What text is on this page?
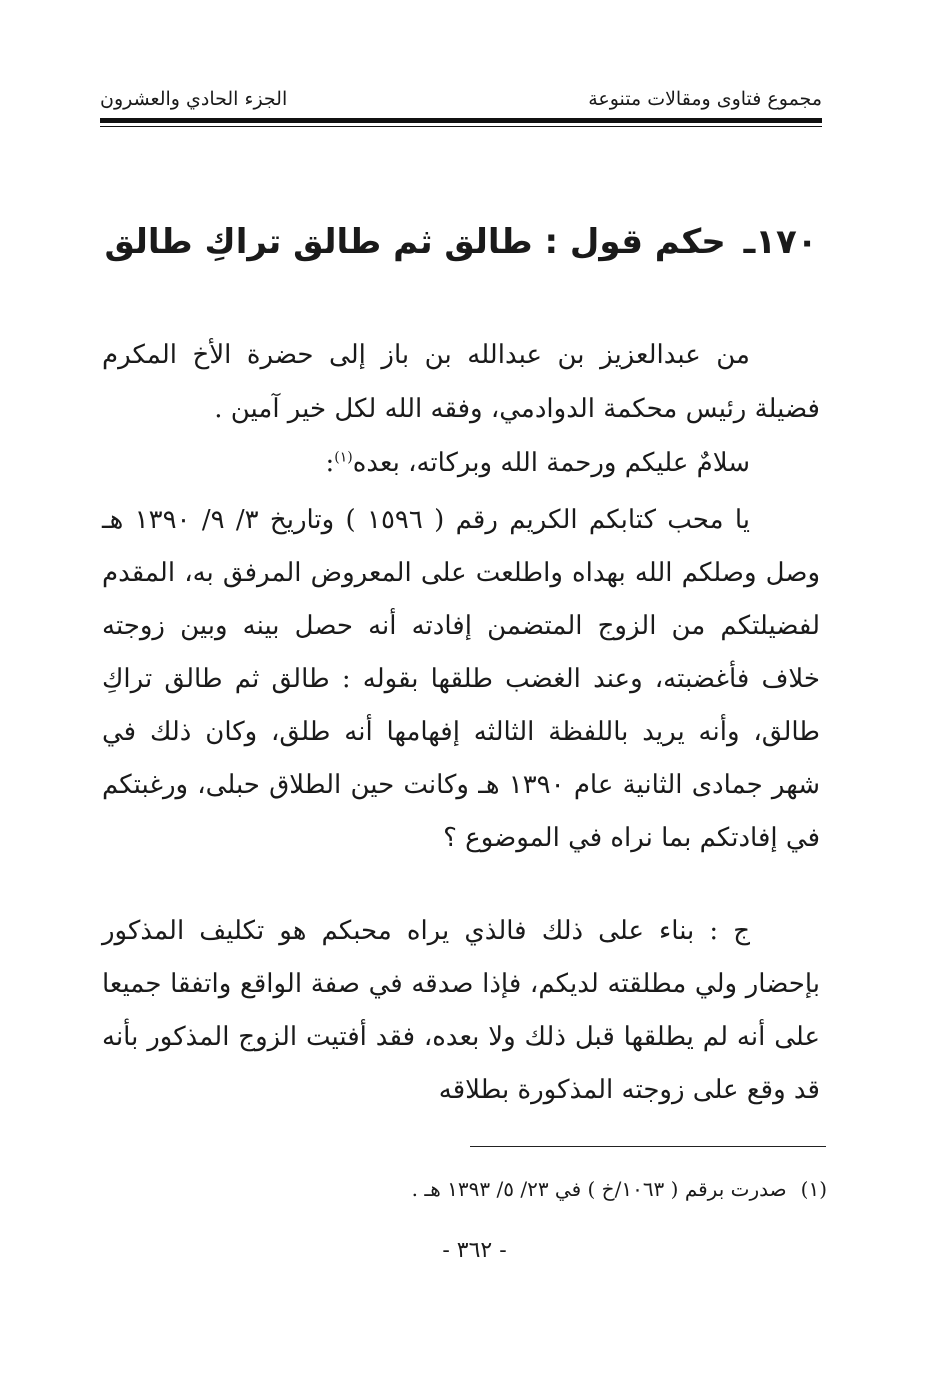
مجموع فتاوى ومقالات متنوعة
الجزء الحادي والعشرون
١٧٠ـ حكم قول : طالق ثم طالق تراكِ طالق
من عبدالعزيز بن عبدالله بن باز إلى حضرة الأخ المكرم فضيلة رئيس محكمة الدوادمي، وفقه الله لكل خير آمين .
سلامٌ عليكم ورحمة الله وبركاته، بعده$^{(١)}$:
يا محب كتابكم الكريم رقم ( ١٥٩٦ ) وتاريخ ٣/ ٩/ ١٣٩٠ هـ وصل وصلكم الله بهداه واطلعت على المعروض المرفق به، المقدم لفضيلتكم من الزوج المتضمن إفادته أنه حصل بينه وبين زوجته خلاف فأغضبته، وعند الغضب طلقها بقوله : طالق ثم طالق تراكِ طالق، وأنه يريد باللفظة الثالثه إفهامها أنه طلق، وكان ذلك في شهر جمادى الثانية عام ١٣٩٠ هـ وكانت حين الطلاق حبلى، ورغبتكم في إفادتكم بما نراه في الموضوع ؟
ج : بناء على ذلك فالذي يراه محبكم هو تكليف المذكور بإحضار ولي مطلقته لديكم، فإذا صدقه في صفة الواقع واتفقا جميعا على أنه لم يطلقها قبل ذلك ولا بعده، فقد أفتيت الزوج المذكور بأنه قد وقع على زوجته المذكورة بطلاقه
(١)صدرت برقم ( ١٠٦٣/خ ) في ٢٣/ ٥/ ١٣٩٣ هـ .
- ٣٦٢ -
